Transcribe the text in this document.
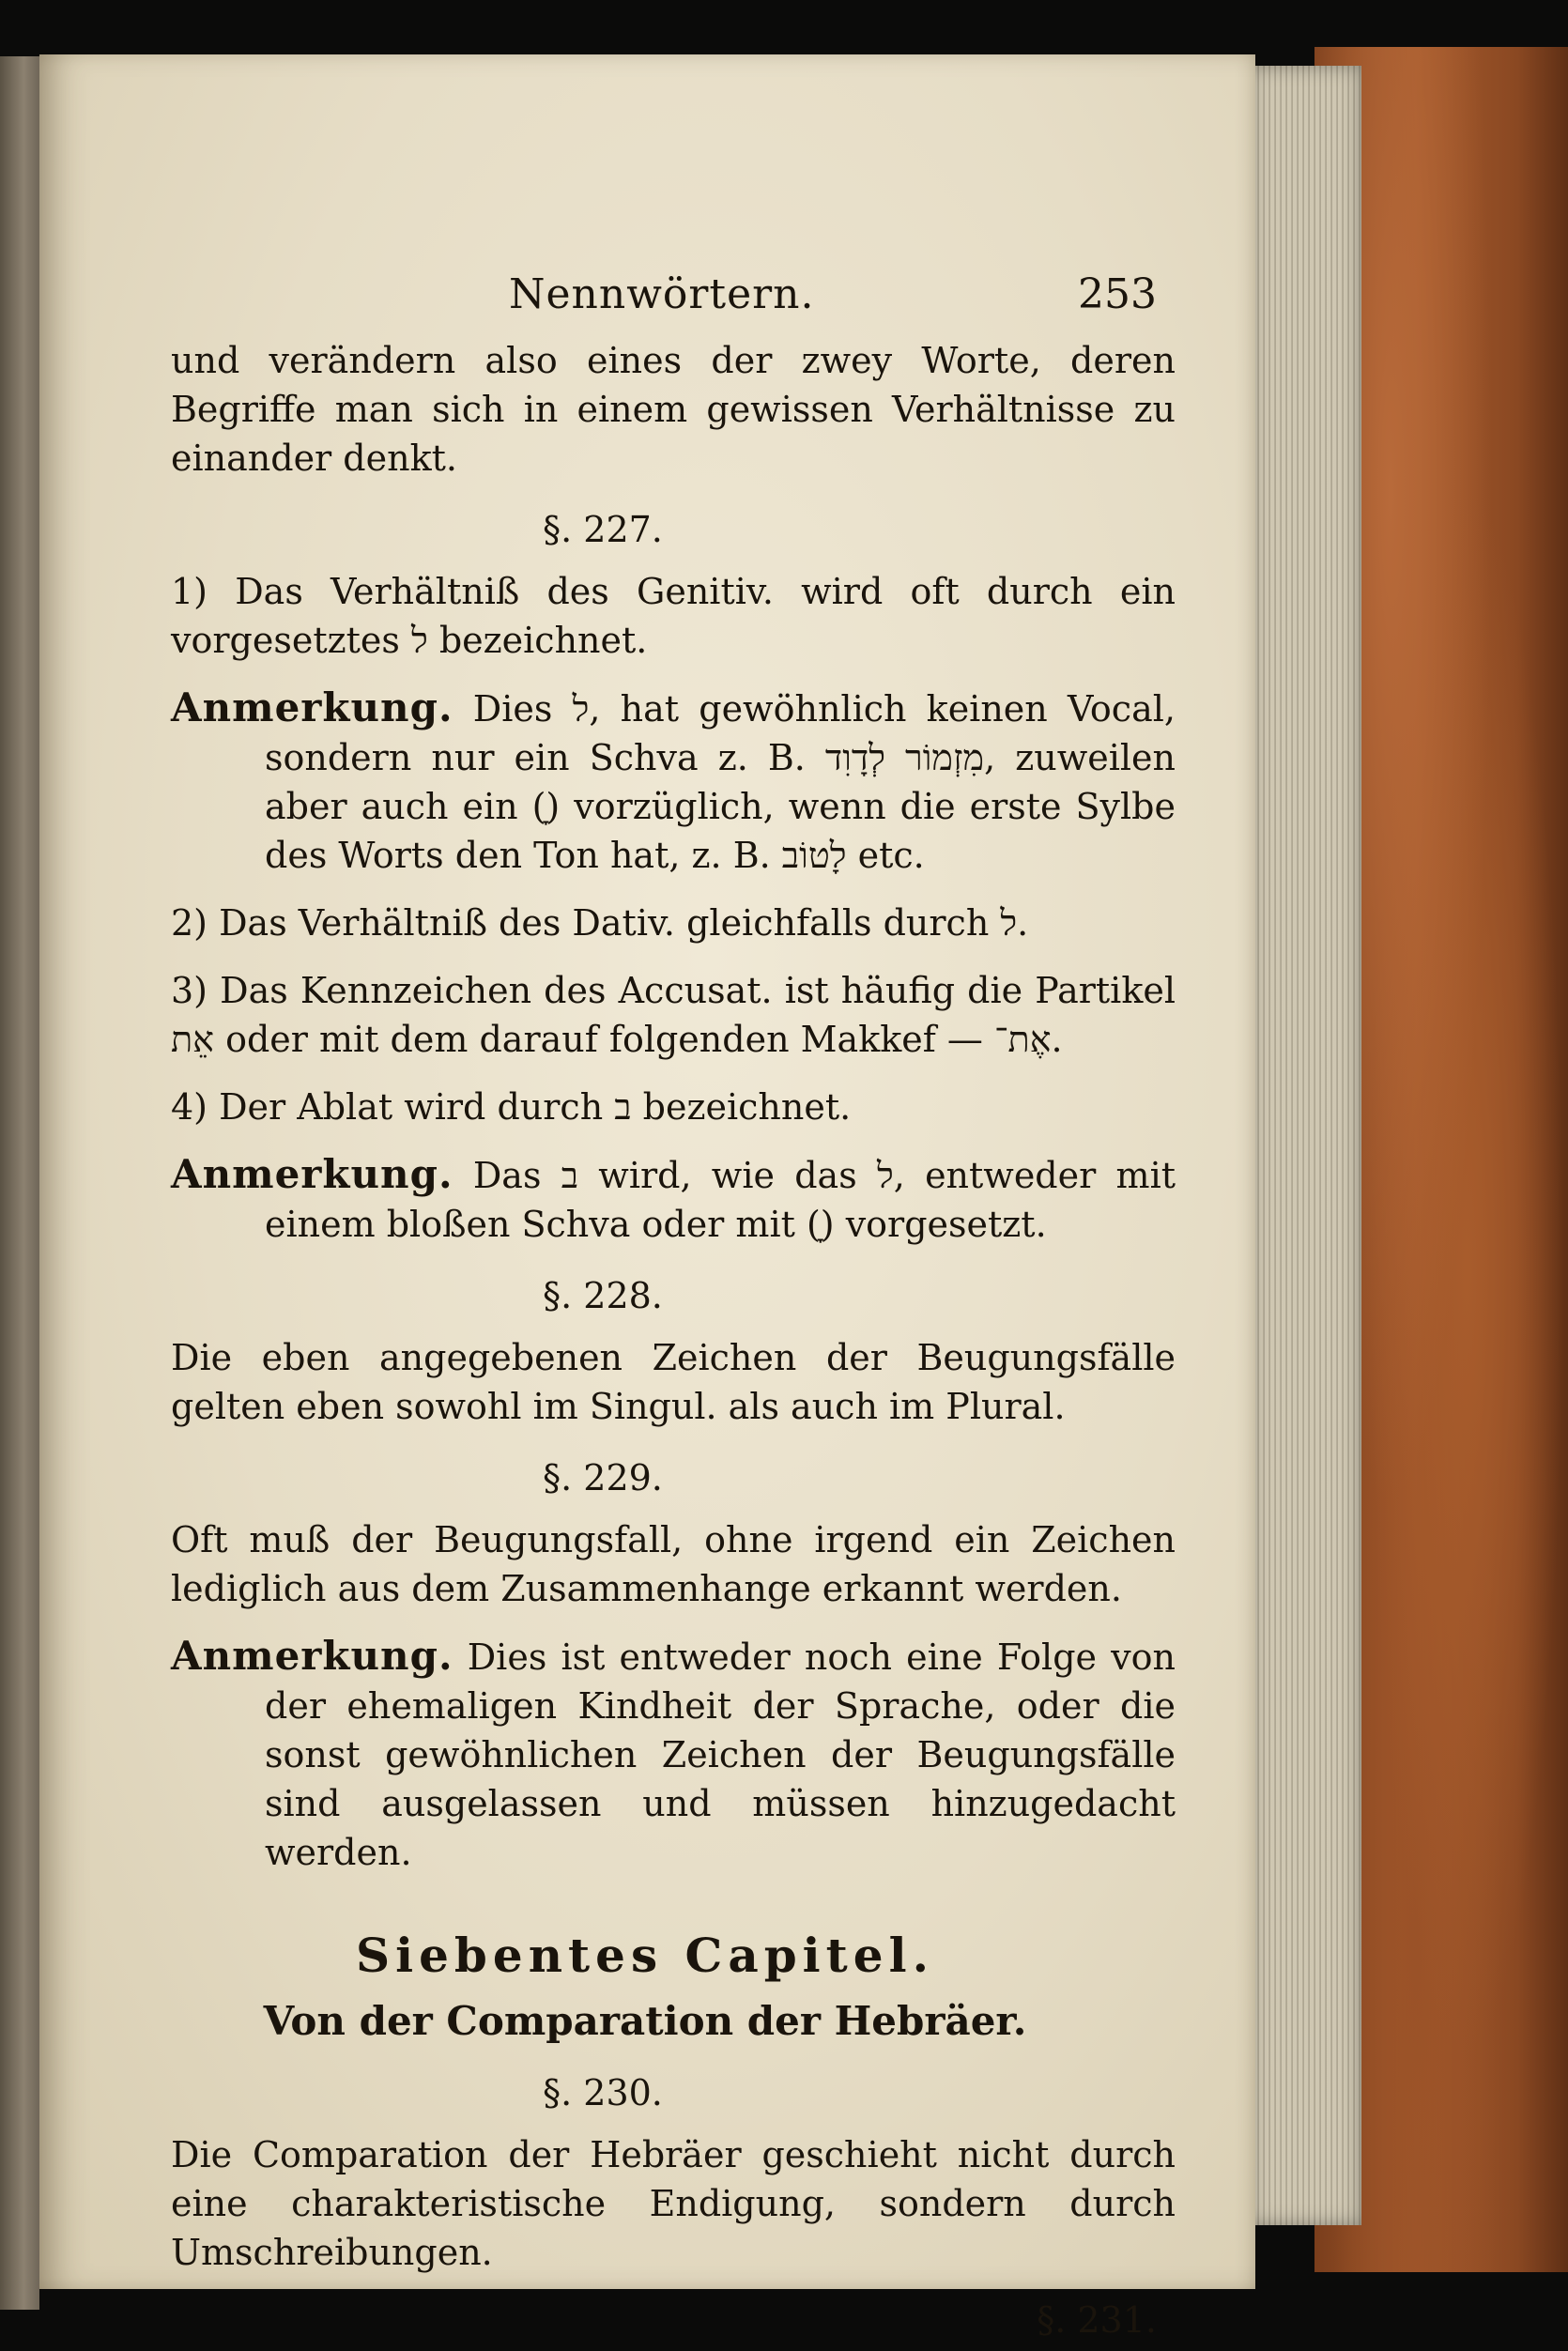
Nennwörtern.	253

und verändern also eines der zwey Worte, deren Begriffe man sich in einem gewissen Verhältnisse zu einander denkt.

§. 227.

1) Das Verhältniß des Genitiv. wird oft durch ein vorgesetztes ל bezeichnet.

Anmerkung. Dies ל, hat gewöhnlich keinen Vocal, sondern nur ein Schva z. B. מִזְמוֹר לְדָוִד, zuweilen aber auch ein (ָ) vorzüglich, wenn die erste Sylbe des Worts den Ton hat, z. B. לָטוֹב etc.

2) Das Verhältniß des Dativ. gleichfalls durch ל.

3) Das Kennzeichen des Accusat. ist häufig die Partikel אֵת oder mit dem darauf folgenden Makkef — אֶת־.

4) Der Ablat wird durch ב bezeichnet.

Anmerkung. Das ב wird, wie das ל, entweder mit einem bloßen Schva oder mit (ָ) vorgesetzt.

§. 228.

Die eben angegebenen Zeichen der Beugungsfälle gelten eben sowohl im Singul. als auch im Plural.

§. 229.

Oft muß der Beugungsfall, ohne irgend ein Zeichen lediglich aus dem Zusammenhange erkannt werden.

Anmerkung. Dies ist entweder noch eine Folge von der ehemaligen Kindheit der Sprache, oder die sonst gewöhnlichen Zeichen der Beugungsfälle sind ausgelassen und müssen hinzugedacht werden.

Siebentes Capitel.
Von der Comparation der Hebräer.
§. 230.

Die Comparation der Hebräer geschieht nicht durch eine charakteristische Endigung, sondern durch Umschreibungen.

§. 231.
